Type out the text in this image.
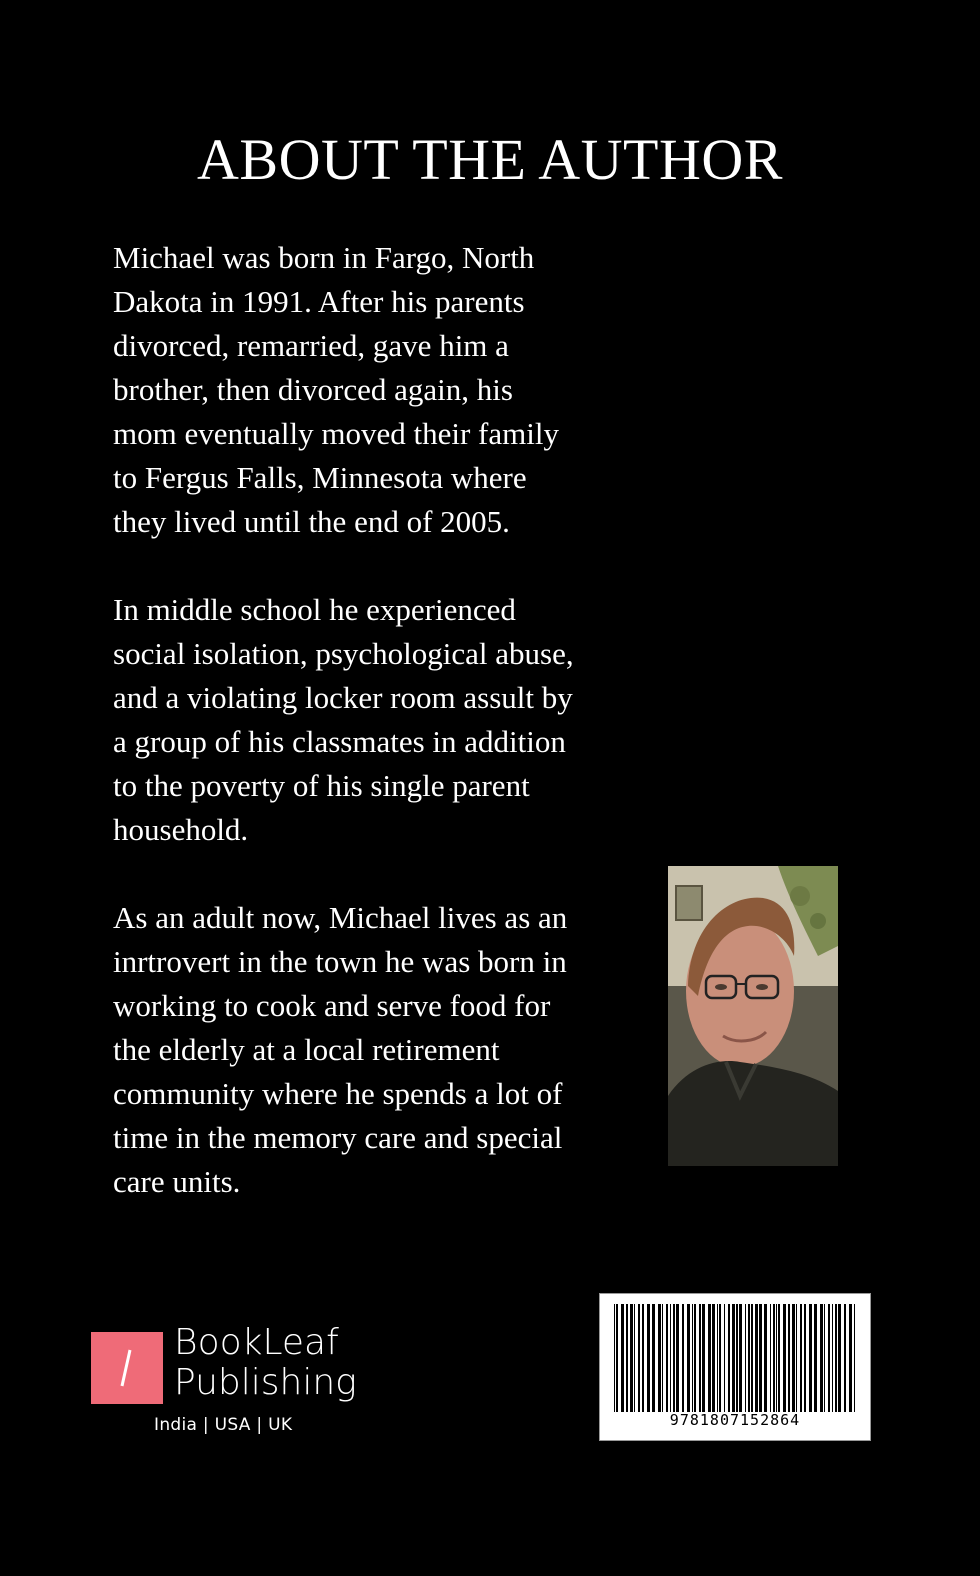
ABOUT THE AUTHOR

Michael was born in Fargo, North
Dakota in 1991. After his parents
divorced, remarried, gave him a
brother, then divorced again, his
mom eventually moved their family
to Fergus Falls, Minnesota where
they lived until the end of 2005.

In middle school he experienced
social isolation, psychological abuse,
and a violating locker room assult by
a group of his classmates in addition
to the poverty of his single parent
household.

As an adult now, Michael lives as an
inrtrovert in the town he was born in
working to cook and serve food for
the elderly at a local retirement
community where he spends a lot of
time in the memory care and special
care units.

BookLeaf
Publishing
India | USA | UK	9781807152864
